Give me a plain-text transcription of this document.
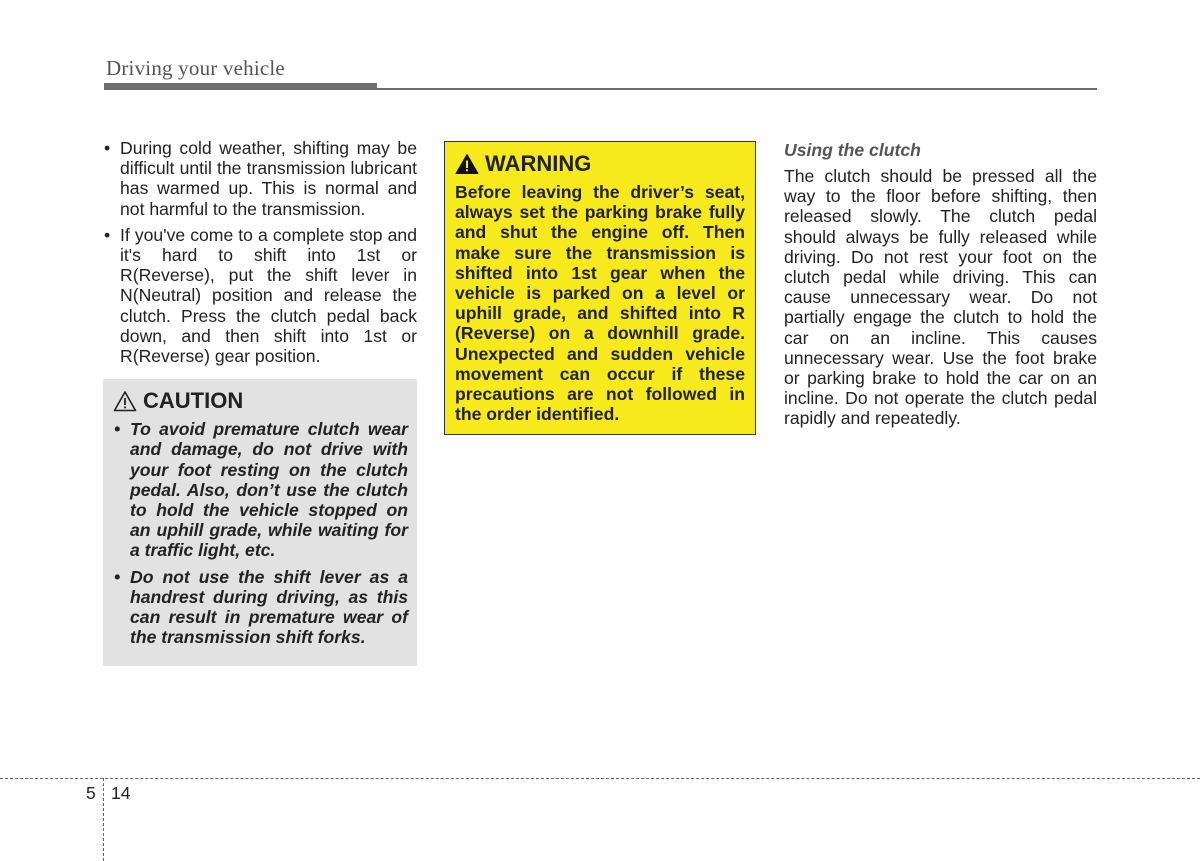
Driving your vehicle
• During cold weather, shifting may be difficult until the transmission lubricant has warmed up. This is normal and not harmful to the transmission.
• If you've come to a complete stop and it's hard to shift into 1st or R(Reverse), put the shift lever in N(Neutral) position and release the clutch. Press the clutch pedal back down, and then shift into 1st or R(Reverse) gear position.
CAUTION
• To avoid premature clutch wear and damage, do not drive with your foot resting on the clutch pedal. Also, don’t use the clutch to hold the vehicle stopped on an uphill grade, while waiting for a traffic light, etc.
• Do not use the shift lever as a handrest during driving, as this can result in premature wear of the transmission shift forks.
WARNING

Before leaving the driver’s seat, always set the parking brake fully and shut the engine off. Then make sure the transmission is shifted into 1st gear when the vehicle is parked on a level or uphill grade, and shifted into R (Reverse) on a downhill grade. Unexpected and sudden vehicle movement can occur if these precautions are not followed in the order identified.

Using the clutch

The clutch should be pressed all the way to the floor before shifting, then released slowly. The clutch pedal should always be fully released while driving. Do not rest your foot on the clutch pedal while driving. This can cause unnecessary wear. Do not partially engage the clutch to hold the car on an incline. This causes unnecessary wear. Use the foot brake or parking brake to hold the car on an incline. Do not operate the clutch pedal rapidly and repeatedly.

5 14
